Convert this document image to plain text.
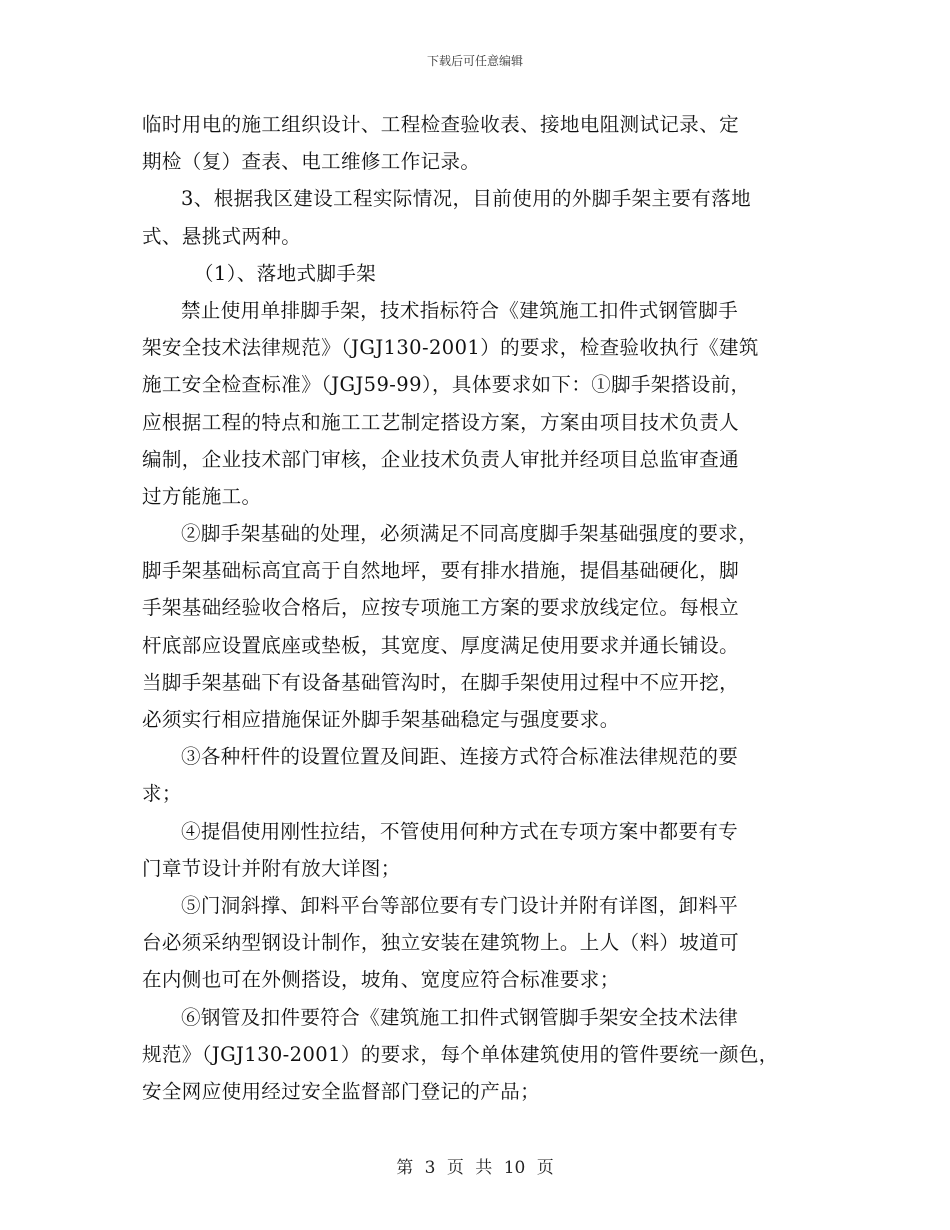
下载后可任意编辑
临时用电的施工组织设计、工程检查验收表、接地电阻测试记录、定
期检（复）查表、电工维修工作记录。
3、根据我区建设工程实际情况，目前使用的外脚手架主要有落地
式、悬挑式两种。
（1）、落地式脚手架
禁止使用单排脚手架，技术指标符合《建筑施工扣件式钢管脚手
架安全技术法律规范》（JGJ130-2001）的要求，检查验收执行《建筑
施工安全检查标准》（JGJ59-99），具体要求如下：①脚手架搭设前，
应根据工程的特点和施工工艺制定搭设方案，方案由项目技术负责人
编制，企业技术部门审核，企业技术负责人审批并经项目总监审查通
过方能施工。
②脚手架基础的处理，必须满足不同高度脚手架基础强度的要求，
脚手架基础标高宜高于自然地坪，要有排水措施，提倡基础硬化，脚
手架基础经验收合格后，应按专项施工方案的要求放线定位。每根立
杆底部应设置底座或垫板，其宽度、厚度满足使用要求并通长铺设。
当脚手架基础下有设备基础管沟时，在脚手架使用过程中不应开挖，
必须实行相应措施保证外脚手架基础稳定与强度要求。
③各种杆件的设置位置及间距、连接方式符合标准法律规范的要
求；
④提倡使用刚性拉结，不管使用何种方式在专项方案中都要有专
门章节设计并附有放大详图；
⑤门洞斜撑、卸料平台等部位要有专门设计并附有详图，卸料平
台必须采纳型钢设计制作，独立安装在建筑物上。上人（料）坡道可
在内侧也可在外侧搭设，坡角、宽度应符合标准要求；
⑥钢管及扣件要符合《建筑施工扣件式钢管脚手架安全技术法律
规范》（JGJ130-2001）的要求，每个单体建筑使用的管件要统一颜色，
安全网应使用经过安全监督部门登记的产品；
第 3 页 共 10 页
